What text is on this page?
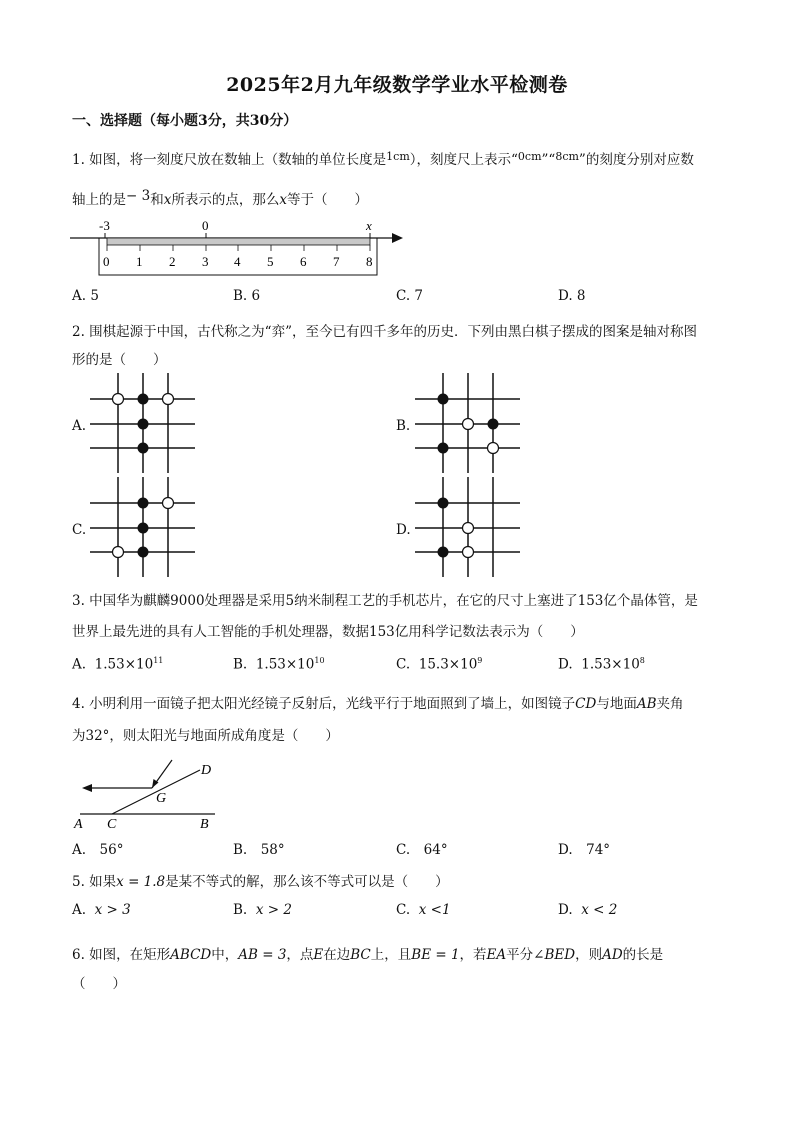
2025年2月九年级数学学业水平检测卷
一、选择题（每小题3分，共30分）
1. 如图，将一刻度尺放在数轴上（数轴的单位长度是$^{1cm}$），刻度尺上表示“$^{0cm}$”“$^{8cm}$”的刻度分别对应数
轴上的是− 3和x所表示的点，那么x等于（　　）
-3	0	x
0 1 2 3 4 5 6 7 8
A. 5	B. 6	C. 7	D. 8
2. 围棋起源于中国，古代称之为“弈”，至今已有四千多年的历史．下列由黑白棋子摆成的图案是轴对称图
形的是（　　）
A.	B.
C.	D.
3. 中国华为麒麟9000处理器是采用5纳米制程工艺的手机芯片，在它的尺寸上塞进了153亿个晶体管，是
世界上最先进的具有人工智能的手机处理器，数据153亿用科学记数法表示为（　　）
A. $1.53\times 10^{11}$	B. $1.53\times 10^{10}$	C. $15.3\times 10^9$	D. $1.53\times 10^8$
4. 小明利用一面镜子把太阳光经镜子反射后，光线平行于地面照到了墙上，如图镜子CD与地面AB夹角
为32°，则太阳光与地面所成角度是（　　）
A C	B
G
D
A.　56°	B.　58°	C.　64°	D.　74°
5. 如果x = 1.8是某不等式的解，那么该不等式可以是（　　）
A. x > 3	B. x > 2	C. x <1	D. x < 2
6. 如图，在矩形ABCD中，AB = 3，点E在边BC上，且BE = 1，若EA平分∠BED，则AD的长是
（　　）
